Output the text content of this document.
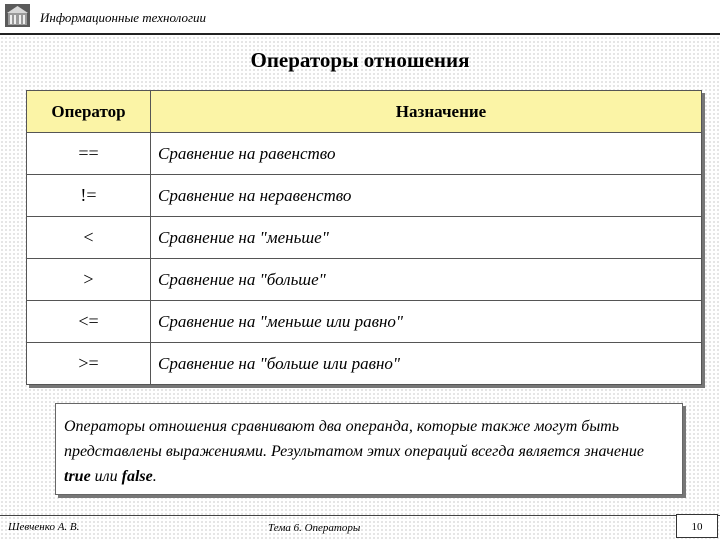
Информационные технологии
Операторы отношения
Оператор	Назначение
==	Сравнение на равенство
!=	Сравнение на неравенство
<	Сравнение на "меньше"
>	Сравнение на "больше"
<=	Сравнение на "меньше или равно"
>=	Сравнение на "больше или равно"
Операторы отношения сравнивают два операнда, которые также могут быть представлены выражениями. Результатом этих операций всегда является значение true или false.
Шевченко А. В.	Тема 6. Операторы	10
